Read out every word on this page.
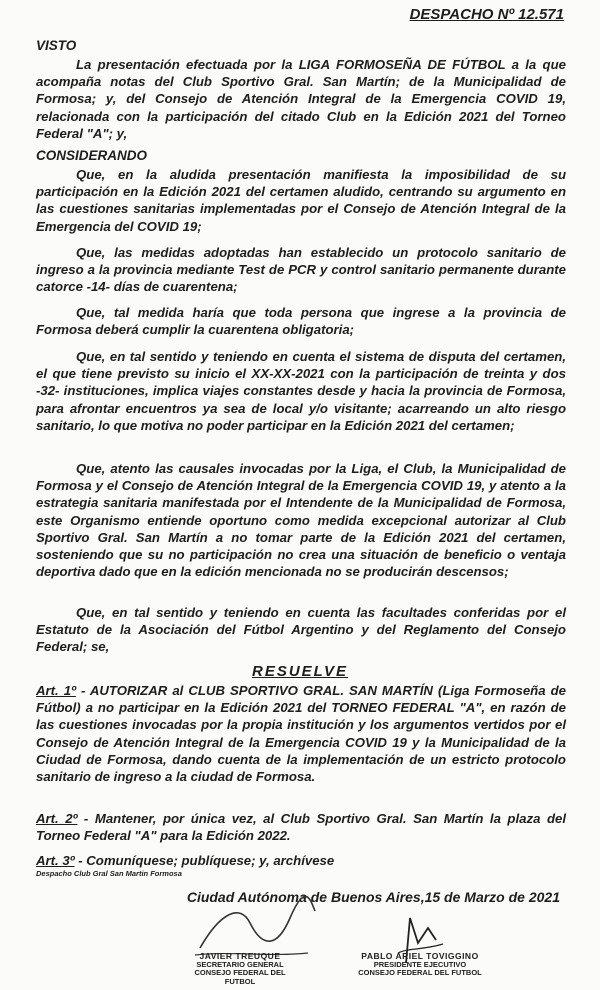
DESPACHO Nº 12.571
VISTO
La presentación efectuada por la LIGA FORMOSEÑA DE FÚTBOL a la que acompaña notas del Club Sportivo Gral. San Martín; de la Municipalidad de Formosa; y, del Consejo de Atención Integral de la Emergencia COVID 19, relacionada con la participación del citado Club en la Edición 2021 del Torneo Federal "A"; y,
CONSIDERANDO
Que, en la aludida presentación manifiesta la imposibilidad de su participación en la Edición 2021 del certamen aludido, centrando su argumento en las cuestiones sanitarias implementadas por el Consejo de Atención Integral de la Emergencia del COVID 19;
Que, las medidas adoptadas han establecido un protocolo sanitario de ingreso a la provincia mediante Test de PCR y control sanitario permanente durante catorce -14- días de cuarentena;
Que, tal medida haría que toda persona que ingrese a la provincia de Formosa deberá cumplir la cuarentena obligatoria;
Que, en tal sentido y teniendo en cuenta el sistema de disputa del certamen, el que tiene previsto su inicio el XX-XX-2021 con la participación de treinta y dos -32- instituciones, implica viajes constantes desde y hacia la provincia de Formosa, para afrontar encuentros ya sea de local y/o visitante; acarreando un alto riesgo sanitario, lo que motiva no poder participar en la Edición 2021 del certamen;
Que, atento las causales invocadas por la Liga, el Club, la Municipalidad de Formosa y el Consejo de Atención Integral de la Emergencia COVID 19, y atento a la estrategia sanitaria manifestada por el Intendente de la Municipalidad de Formosa, este Organismo entiende oportuno como medida excepcional autorizar al Club Sportivo Gral. San Martín a no tomar parte de la Edición 2021 del certamen, sosteniendo que su no participación no crea una situación de beneficio o ventaja deportiva dado que en la edición mencionada no se producirán descensos;
Que, en tal sentido y teniendo en cuenta las facultades conferidas por el Estatuto de la Asociación del Fútbol Argentino y del Reglamento del Consejo Federal; se,
RESUELVE
Art. 1º - AUTORIZAR al CLUB SPORTIVO GRAL. SAN MARTÍN (Liga Formoseña de Fútbol) a no participar en la Edición 2021 del TORNEO FEDERAL "A", en razón de las cuestiones invocadas por la propia institución y los argumentos vertidos por el Consejo de Atención Integral de la Emergencia COVID 19 y la Municipalidad de la Ciudad de Formosa, dando cuenta de la implementación de un estricto protocolo sanitario de ingreso a la ciudad de Formosa.
Art. 2º - Mantener, por única vez, al Club Sportivo Gral. San Martín la plaza del Torneo Federal "A" para la Edición 2022.
Art. 3º - Comuníquese; publíquese; y, archívese
Despacho Club Gral San Martin Formosa
Ciudad Autónoma de Buenos Aires,15 de Marzo de 2021
JAVIER TREUQUE
SECRETARIO GENERAL
CONSEJO FEDERAL DEL FUTBOL
PABLO ARIEL TOVIGGINO
PRESIDENTE EJECUTIVO
CONSEJO FEDERAL DEL FUTBOL
